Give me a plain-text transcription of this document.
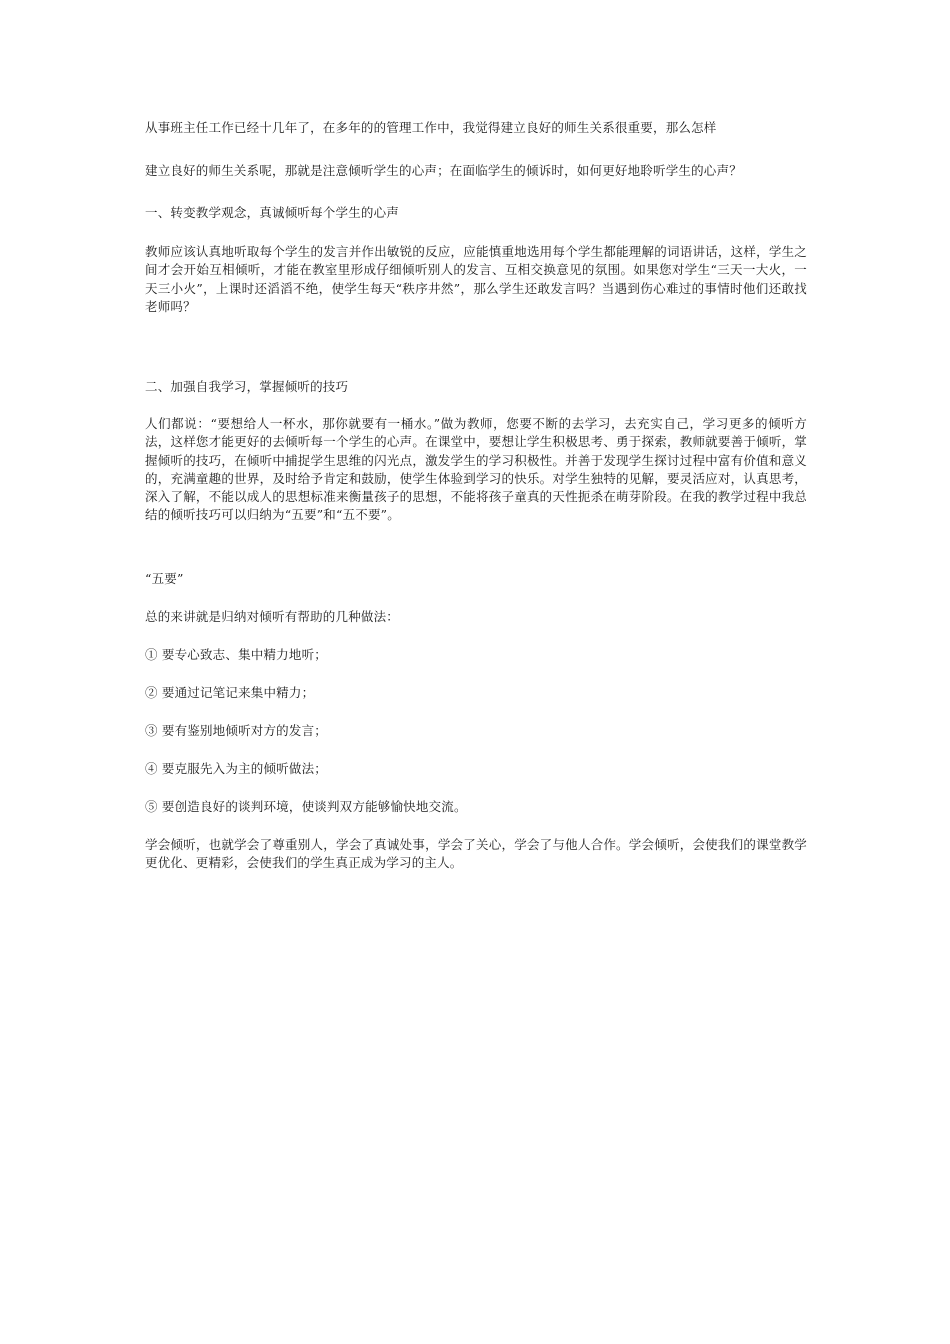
从事班主任工作已经十几年了，在多年的的管理工作中，我觉得建立良好的师生关系很重要，那么怎样
建立良好的师生关系呢，那就是注意倾听学生的心声；在面临学生的倾诉时，如何更好地聆听学生的心声？
一、转变教学观念，真诚倾听每个学生的心声

教师应该认真地听取每个学生的发言并作出敏锐的反应，应能慎重地选用每个学生都能理解的词语讲话，这样，学生之间才会开始互相倾听，才能在教室里形成仔细倾听别人的发言、互相交换意见的氛围。如果您对学生“三天一大火，一天三小火”，上课时还滔滔不绝，使学生每天“秩序井然”，那么学生还敢发言吗？当遇到伤心难过的事情时他们还敢找老师吗？

二、加强自我学习，掌握倾听的技巧

人们都说：“要想给人一杯水，那你就要有一桶水。”做为教师，您要不断的去学习，去充实自己，学习更多的倾听方法，这样您才能更好的去倾听每一个学生的心声。在课堂中，要想让学生积极思考、勇于探索，教师就要善于倾听，掌握倾听的技巧，在倾听中捕捉学生思维的闪光点，激发学生的学习积极性。并善于发现学生探讨过程中富有价值和意义的，充满童趣的世界，及时给予肯定和鼓励，使学生体验到学习的快乐。对学生独特的见解，要灵活应对，认真思考，深入了解，不能以成人的思想标准来衡量孩子的思想，不能将孩子童真的天性扼杀在萌芽阶段。在我的教学过程中我总结的倾听技巧可以归纳为“五要”和“五不要”。

“五要”
总的来讲就是归纳对倾听有帮助的几种做法：
① 要专心致志、集中精力地听；
② 要通过记笔记来集中精力；
③ 要有鉴别地倾听对方的发言；
④ 要克服先入为主的倾听做法；
⑤ 要创造良好的谈判环境，使谈判双方能够愉快地交流。

学会倾听，也就学会了尊重别人，学会了真诚处事，学会了关心，学会了与他人合作。学会倾听，会使我们的课堂教学更优化、更精彩，会使我们的学生真正成为学习的主人。
